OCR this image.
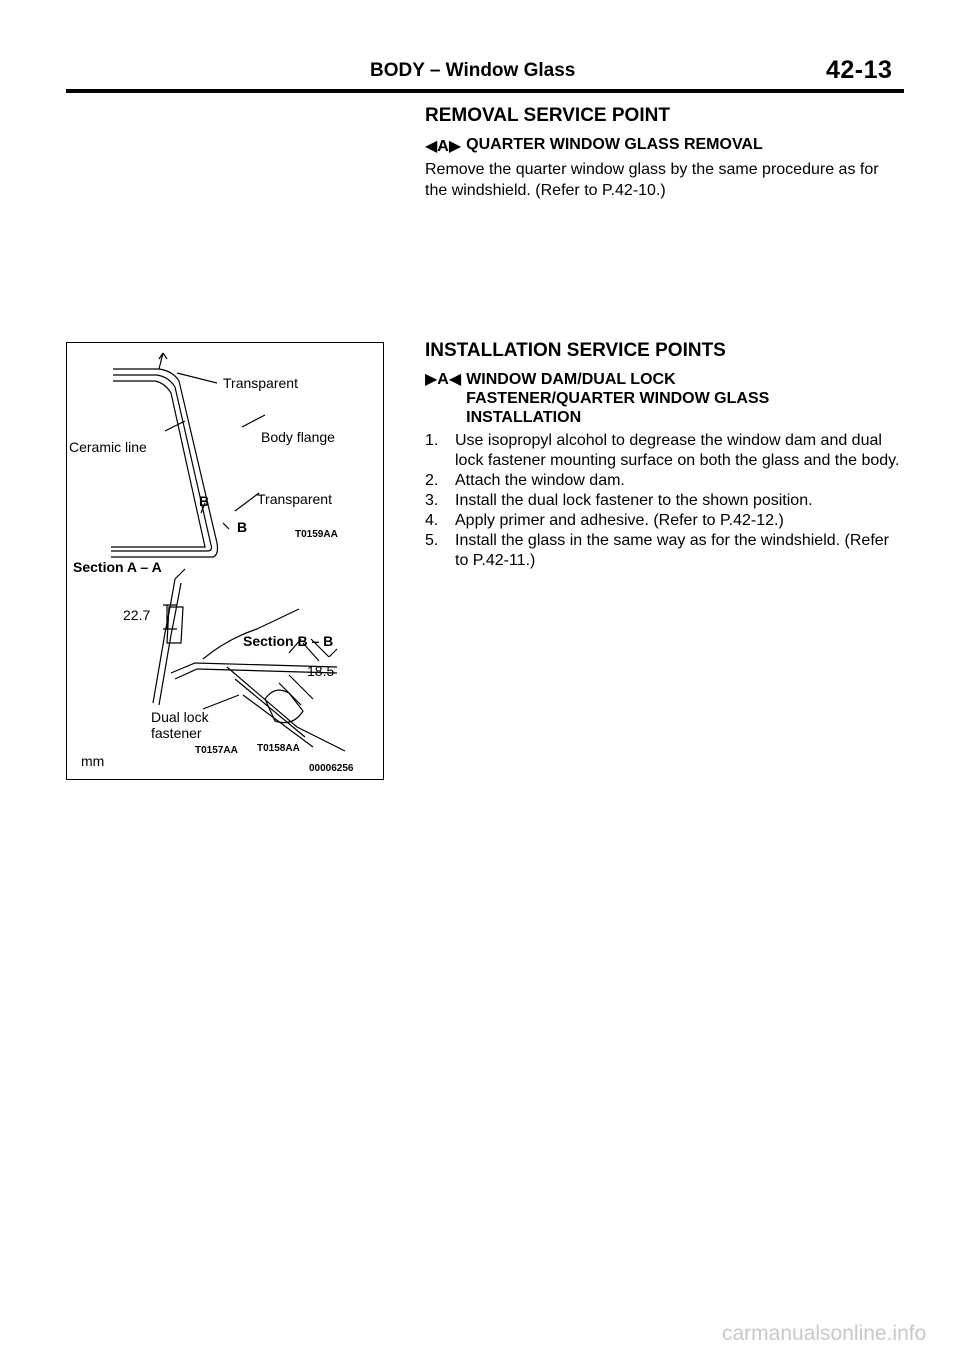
BODY – Window Glass	42-13
REMOVAL SERVICE POINT
◀A▶ QUARTER WINDOW GLASS REMOVAL

Remove the quarter window glass by the same procedure as for the windshield. (Refer to P.42-10.)

INSTALLATION SERVICE POINTS
▶A◀ WINDOW DAM/DUAL LOCK FASTENER/QUARTER WINDOW GLASS INSTALLATION
1.	Use isopropyl alcohol to degrease the window dam and dual lock fastener mounting surface on both the glass and the body.
2.	Attach the window dam.
3.	Install the dual lock fastener to the shown position.
4.	Apply primer and adhesive. (Refer to P.42-12.)
5.	Install the glass in the same way as for the windshield. (Refer to P.42-11.)
Transparent
Body flange
Ceramic line
B	Transparent
B	T0159AA
Section A – A
22.7
Section B – B
18.5
Dual lock
fastener
T0157AA T0158AA
mm	00006256
carmanualsonline.info
